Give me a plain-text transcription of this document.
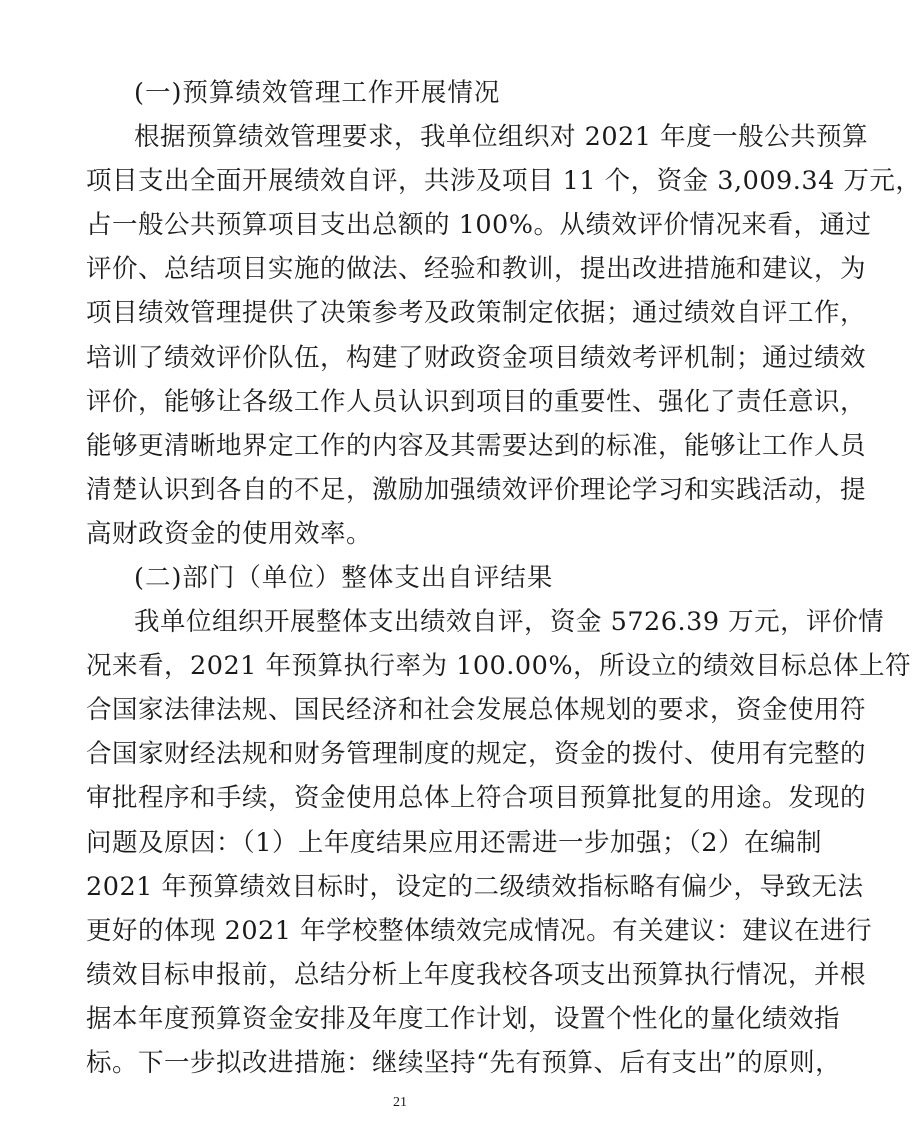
(一)预算绩效管理工作开展情况
根据预算绩效管理要求，我单位组织对 2021 年度一般公共预算
项目支出全面开展绩效自评，共涉及项目 11 个，资金 3,009.34 万元，
占一般公共预算项目支出总额的 100%。从绩效评价情况来看，通过
评价、总结项目实施的做法、经验和教训，提出改进措施和建议，为
项目绩效管理提供了决策参考及政策制定依据；通过绩效自评工作，
培训了绩效评价队伍，构建了财政资金项目绩效考评机制；通过绩效
评价，能够让各级工作人员认识到项目的重要性、强化了责任意识，
能够更清晰地界定工作的内容及其需要达到的标准，能够让工作人员
清楚认识到各自的不足，激励加强绩效评价理论学习和实践活动，提
高财政资金的使用效率。
(二)部门（单位）整体支出自评结果
我单位组织开展整体支出绩效自评，资金 5726.39 万元，评价情
况来看，2021 年预算执行率为 100.00%，所设立的绩效目标总体上符
合国家法律法规、国民经济和社会发展总体规划的要求，资金使用符
合国家财经法规和财务管理制度的规定，资金的拨付、使用有完整的
审批程序和手续，资金使用总体上符合项目预算批复的用途。发现的
问题及原因：（1）上年度结果应用还需进一步加强；（2）在编制
2021 年预算绩效目标时，设定的二级绩效指标略有偏少，导致无法
更好的体现 2021 年学校整体绩效完成情况。有关建议：建议在进行
绩效目标申报前，总结分析上年度我校各项支出预算执行情况，并根
据本年度预算资金安排及年度工作计划，设置个性化的量化绩效指
标。下一步拟改进措施：继续坚持“先有预算、后有支出”的原则，
21
